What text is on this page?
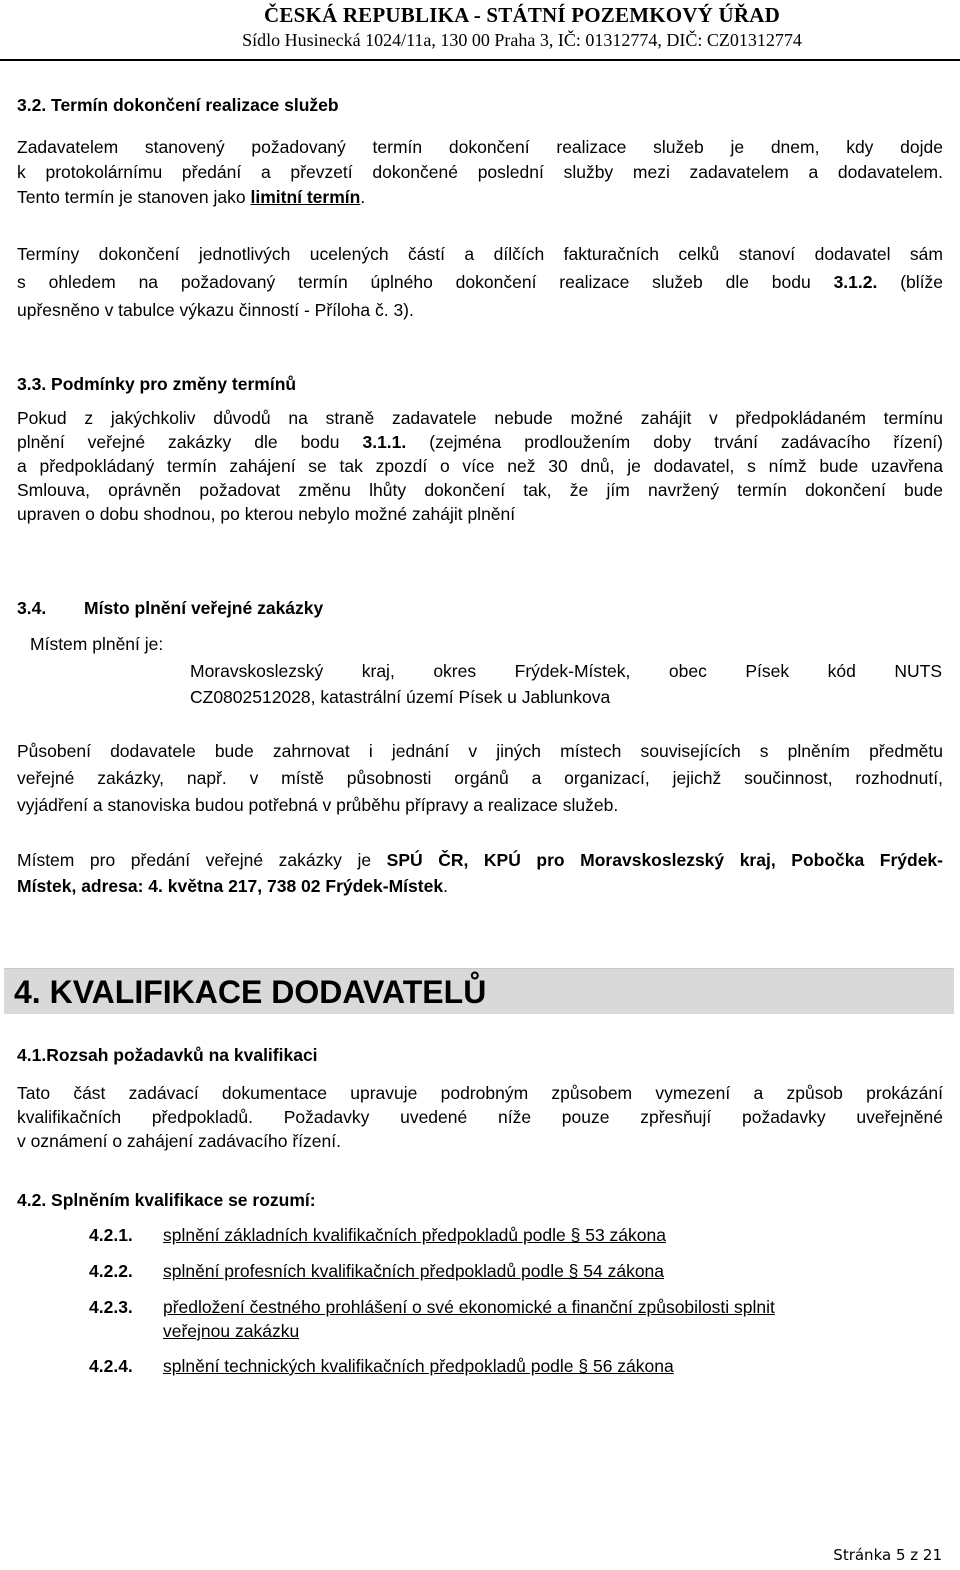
ČESKÁ REPUBLIKA - STÁTNÍ POZEMKOVÝ ÚŘAD
Sídlo Husinecká 1024/11a, 130 00 Praha 3, IČ: 01312774, DIČ: CZ01312774
3.2. Termín dokončení realizace služeb
Zadavatelem stanovený požadovaný termín dokončení realizace služeb je dnem, kdy dojde
k protokolárnímu předání a převzetí dokončené poslední služby mezi zadavatelem a dodavatelem.
Tento termín je stanoven jako limitní termín.
Termíny dokončení jednotlivých ucelených částí a dílčích fakturačních celků stanoví dodavatel sám
s ohledem na požadovaný termín úplného dokončení realizace služeb dle bodu 3.1.2. (blíže
upřesněno v tabulce výkazu činností - Příloha č. 3).
3.3. Podmínky pro změny termínů
Pokud z jakýchkoliv důvodů na straně zadavatele nebude možné zahájit v předpokládaném termínu
plnění veřejné zakázky dle bodu 3.1.1. (zejména prodloužením doby trvání zadávacího řízení)
a předpokládaný termín zahájení se tak zpozdí o více než 30 dnů, je dodavatel, s nímž bude uzavřena
Smlouva, oprávněn požadovat změnu lhůty dokončení tak, že jím navržený termín dokončení bude
upraven o dobu shodnou, po kterou nebylo možné zahájit plnění
3.4. Místo plnění veřejné zakázky
Místem plnění je:
Moravskoslezský kraj, okres Frýdek-Místek, obec Písek kód NUTS
CZ0802512028, katastrální území Písek u Jablunkova
Působení dodavatele bude zahrnovat i jednání v jiných místech souvisejících s plněním předmětu
veřejné zakázky, např. v místě působnosti orgánů a organizací, jejichž součinnost, rozhodnutí,
vyjádření a stanoviska budou potřebná v průběhu přípravy a realizace služeb.
Místem pro předání veřejné zakázky je SPÚ ČR, KPÚ pro Moravskoslezský kraj, Pobočka Frýdek-
Místek, adresa: 4. května 217, 738 02 Frýdek-Místek.
4. KVALIFIKACE DODAVATELŮ
4.1.Rozsah požadavků na kvalifikaci
Tato část zadávací dokumentace upravuje podrobným způsobem vymezení a způsob prokázání
kvalifikačních předpokladů. Požadavky uvedené níže pouze zpřesňují požadavky uveřejněné
v oznámení o zahájení zadávacího řízení.
4.2. Splněním kvalifikace se rozumí:
4.2.1. splnění základních kvalifikačních předpokladů podle § 53 zákona
4.2.2. splnění profesních kvalifikačních předpokladů podle § 54 zákona
4.2.3. předložení čestného prohlášení o své ekonomické a finanční způsobilosti splnit
veřejnou zakázku
4.2.4. splnění technických kvalifikačních předpokladů podle § 56 zákona
Stránka 5 z 21
